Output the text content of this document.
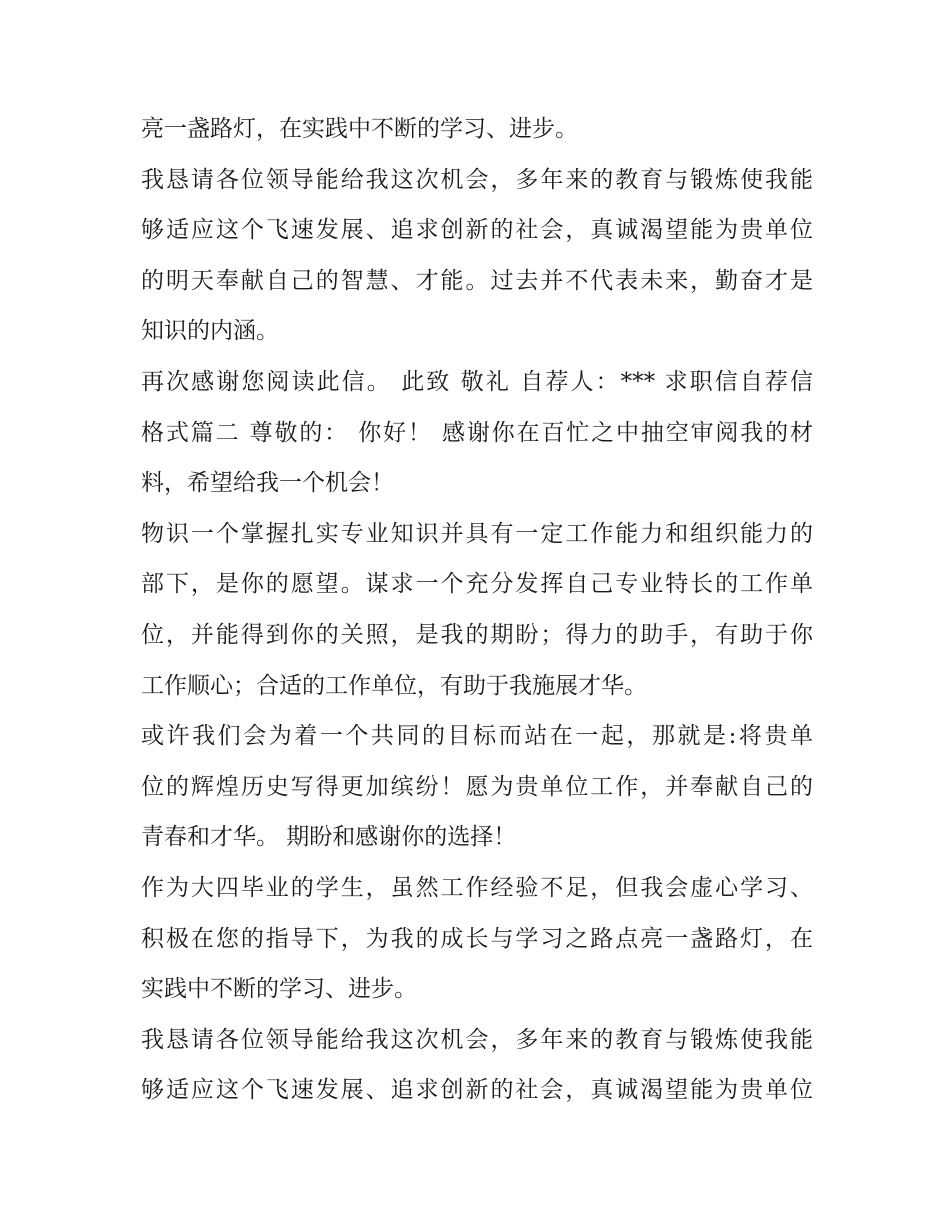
亮一盏路灯，在实践中不断的学习、进步。
我恳请各位领导能给我这次机会，多年来的教育与锻炼使我能
够适应这个飞速发展、追求创新的社会，真诚渴望能为贵单位
的明天奉献自己的智慧、才能。过去并不代表未来，勤奋才是
知识的内涵。
再次感谢您阅读此信。 此致 敬礼 自荐人：*** 求职信自荐信
格式篇二 尊敬的： 你好！ 感谢你在百忙之中抽空审阅我的材
料，希望给我一个机会！
物识一个掌握扎实专业知识并具有一定工作能力和组织能力的
部下，是你的愿望。谋求一个充分发挥自己专业特长的工作单
位，并能得到你的关照，是我的期盼；得力的助手，有助于你
工作顺心；合适的工作单位，有助于我施展才华。
或许我们会为着一个共同的目标而站在一起，那就是:将贵单
位的辉煌历史写得更加缤纷！愿为贵单位工作，并奉献自己的
青春和才华。 期盼和感谢你的选择！
作为大四毕业的学生，虽然工作经验不足，但我会虚心学习、
积极在您的指导下，为我的成长与学习之路点亮一盏路灯，在
实践中不断的学习、进步。
我恳请各位领导能给我这次机会，多年来的教育与锻炼使我能
够适应这个飞速发展、追求创新的社会，真诚渴望能为贵单位
